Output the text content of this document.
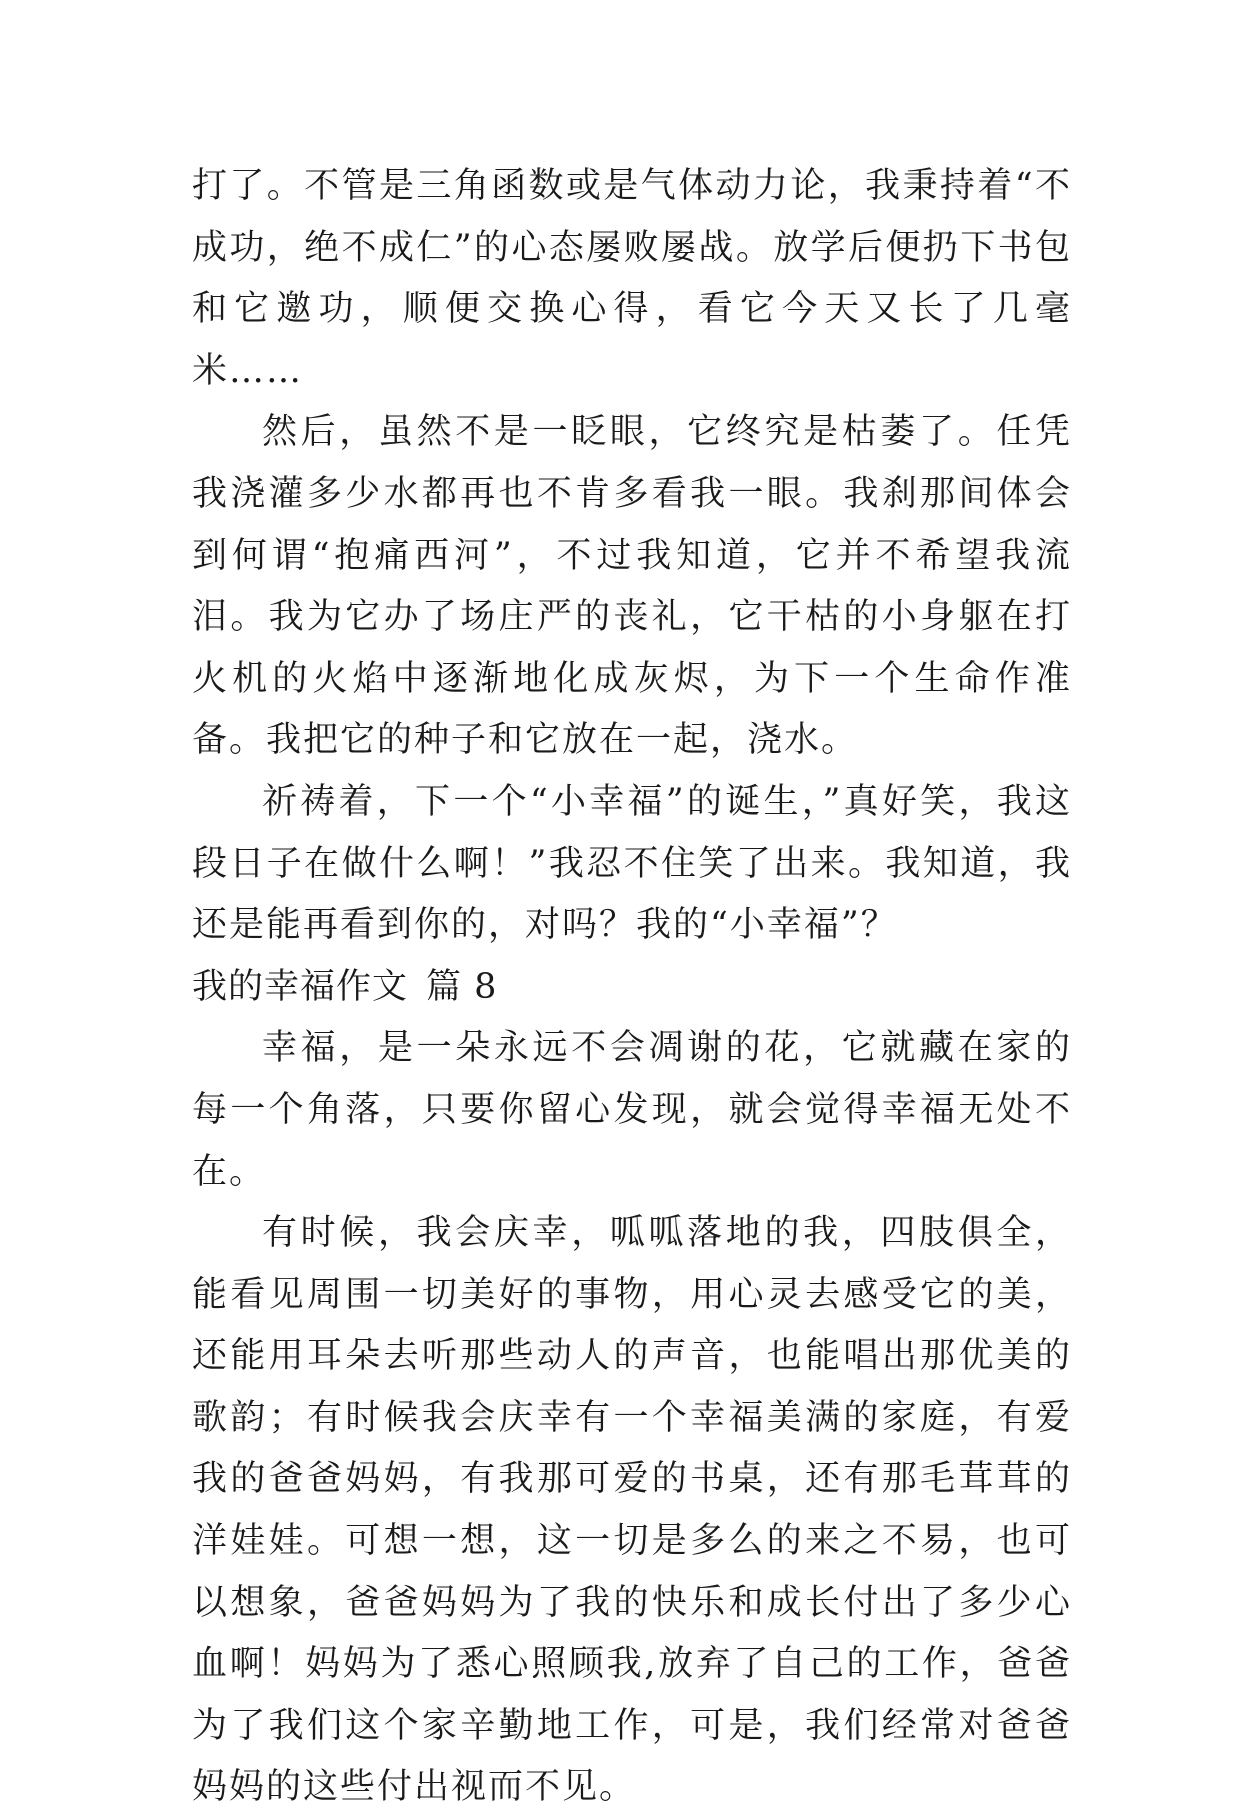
打了。不管是三角函数或是气体动力论，我秉持着“不成功，绝不成仁”的心态屡败屡战。放学后便扔下书包和它邀功，顺便交换心得，看它今天又长了几毫米……

然后，虽然不是一眨眼，它终究是枯萎了。任凭我浇灌多少水都再也不肯多看我一眼。我刹那间体会到何谓“抱痛西河”，不过我知道，它并不希望我流泪。我为它办了场庄严的丧礼，它干枯的小身躯在打火机的火焰中逐渐地化成灰烬，为下一个生命作准备。我把它的种子和它放在一起，浇水。

祈祷着，下一个“小幸福”的诞生，”真好笑，我这段日子在做什么啊！”我忍不住笑了出来。我知道，我还是能再看到你的，对吗？我的“小幸福”？

我的幸福作文 篇 8

幸福，是一朵永远不会凋谢的花，它就藏在家的每一个角落，只要你留心发现，就会觉得幸福无处不在。

有时候，我会庆幸，呱呱落地的我，四肢俱全，能看见周围一切美好的事物，用心灵去感受它的美，还能用耳朵去听那些动人的声音，也能唱出那优美的歌韵；有时候我会庆幸有一个幸福美满的家庭，有爱我的爸爸妈妈，有我那可爱的书桌，还有那毛茸茸的洋娃娃。可想一想，这一切是多么的来之不易，也可以想象，爸爸妈妈为了我的快乐和成长付出了多少心血啊！妈妈为了悉心照顾我,放弃了自己的工作，爸爸为了我们这个家辛勤地工作，可是，我们经常对爸爸妈妈的这些付出视而不见。
